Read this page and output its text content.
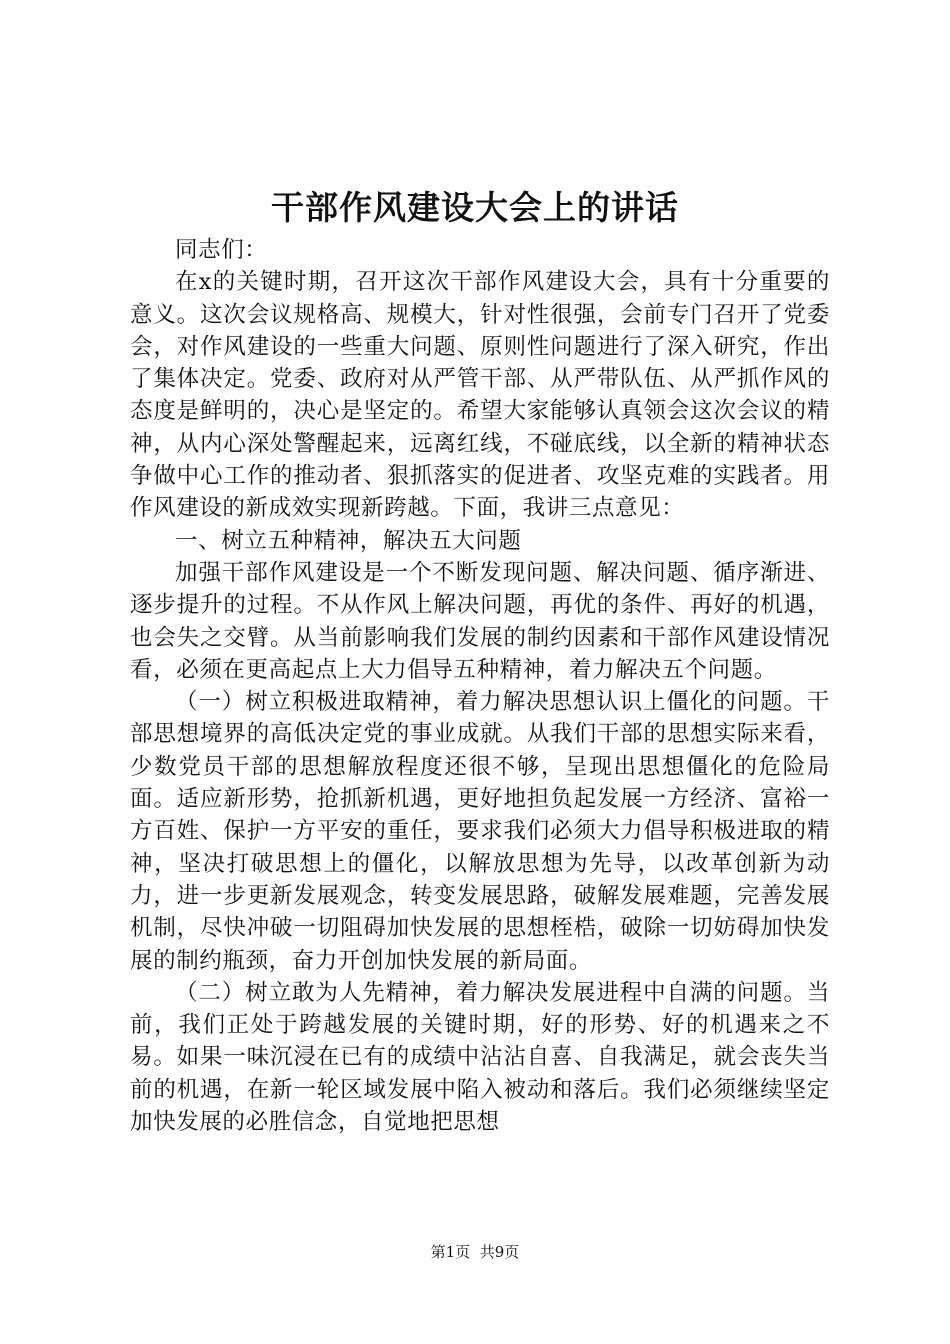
干部作风建设大会上的讲话

同志们：

在x的关键时期，召开这次干部作风建设大会，具有十分重要的意义。这次会议规格高、规模大，针对性很强，会前专门召开了党委会，对作风建设的一些重大问题、原则性问题进行了深入研究，作出了集体决定。党委、政府对从严管干部、从严带队伍、从严抓作风的态度是鲜明的，决心是坚定的。希望大家能够认真领会这次会议的精神，从内心深处警醒起来，远离红线，不碰底线，以全新的精神状态争做中心工作的推动者、狠抓落实的促进者、攻坚克难的实践者。用作风建设的新成效实现新跨越。下面，我讲三点意见：

一、树立五种精神，解决五大问题

加强干部作风建设是一个不断发现问题、解决问题、循序渐进、逐步提升的过程。不从作风上解决问题，再优的条件、再好的机遇，也会失之交臂。从当前影响我们发展的制约因素和干部作风建设情况看，必须在更高起点上大力倡导五种精神，着力解决五个问题。

（一）树立积极进取精神，着力解决思想认识上僵化的问题。干部思想境界的高低决定党的事业成就。从我们干部的思想实际来看，少数党员干部的思想解放程度还很不够，呈现出思想僵化的危险局面。适应新形势，抢抓新机遇，更好地担负起发展一方经济、富裕一方百姓、保护一方平安的重任，要求我们必须大力倡导积极进取的精神，坚决打破思想上的僵化，以解放思想为先导，以改革创新为动力，进一步更新发展观念，转变发展思路，破解发展难题，完善发展机制，尽快冲破一切阻碍加快发展的思想桎梏，破除一切妨碍加快发展的制约瓶颈，奋力开创加快发展的新局面。

（二）树立敢为人先精神，着力解决发展进程中自满的问题。当前，我们正处于跨越发展的关键时期，好的形势、好的机遇来之不易。如果一味沉浸在已有的成绩中沾沾自喜、自我满足，就会丧失当前的机遇，在新一轮区域发展中陷入被动和落后。我们必须继续坚定加快发展的必胜信念，自觉地把思想

第1页 共9页
